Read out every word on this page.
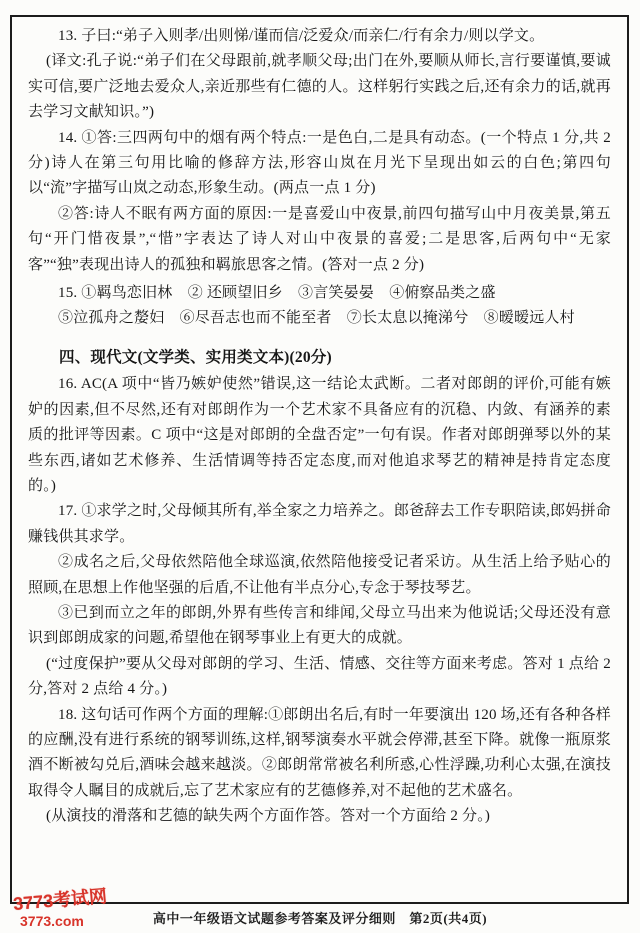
13. 子曰:“弟子入则孝/出则悌/谨而信/泛爱众/而亲仁/行有余力/则以学文。

(译文:孔子说:“弟子们在父母跟前,就孝顺父母;出门在外,要顺从师长,言行要谨慎,要诚实可信,要广泛地去爱众人,亲近那些有仁德的人。这样躬行实践之后,还有余力的话,就再去学习文献知识。”)

14. ①答:三四两句中的烟有两个特点:一是色白,二是具有动态。(一个特点 1 分,共 2 分)诗人在第三句用比喻的修辞方法,形容山岚在月光下呈现出如云的白色;第四句以“流”字描写山岚之动态,形象生动。(两点一点 1 分)

②答:诗人不眠有两方面的原因:一是喜爱山中夜景,前四句描写山中月夜美景,第五句“开门惜夜景”,“惜”字表达了诗人对山中夜景的喜爱;二是思客,后两句中“无家客”“独”表现出诗人的孤独和羁旅思客之情。(答对一点 2 分)

15. ①羁鸟恋旧林　② 还顾望旧乡　③言笑晏晏　④俯察品类之盛

⑤泣孤舟之嫠妇　⑥尽吾志也而不能至者　⑦长太息以掩涕兮　⑧暧暧远人村

四、现代文(文学类、实用类文本)(20分)

16. AC(A 项中“皆乃嫉妒使然”错误,这一结论太武断。二者对郎朗的评价,可能有嫉妒的因素,但不尽然,还有对郎朗作为一个艺术家不具备应有的沉稳、内敛、有涵养的素质的批评等因素。C 项中“这是对郎朗的全盘否定”一句有误。作者对郎朗弹琴以外的某些东西,诸如艺术修养、生活情调等持否定态度,而对他追求琴艺的精神是持肯定态度的。)

17. ①求学之时,父母倾其所有,举全家之力培养之。郎爸辞去工作专职陪读,郎妈拼命赚钱供其求学。

②成名之后,父母依然陪他全球巡演,依然陪他接受记者采访。从生活上给予贴心的照顾,在思想上作他坚强的后盾,不让他有半点分心,专念于琴技琴艺。

③已到而立之年的郎朗,外界有些传言和绯闻,父母立马出来为他说话;父母还没有意识到郎朗成家的问题,希望他在钢琴事业上有更大的成就。

(“过度保护”要从父母对郎朗的学习、生活、情感、交往等方面来考虑。答对 1 点给 2 分,答对 2 点给 4 分。)

18. 这句话可作两个方面的理解:①郎朗出名后,有时一年要演出 120 场,还有各种各样的应酬,没有进行系统的钢琴训练,这样,钢琴演奏水平就会停滞,甚至下降。就像一瓶原浆酒不断被勾兑后,酒味会越来越淡。②郎朗常常被名利所惑,心性浮躁,功利心太强,在演技取得令人瞩目的成就后,忘了艺术家应有的艺德修养,对不起他的艺术盛名。

(从演技的滑落和艺德的缺失两个方面作答。答对一个方面给 2 分。)

3773考试网
高中一年级语文试题参考答案及评分细则　第2页(共4页)
3773.com
